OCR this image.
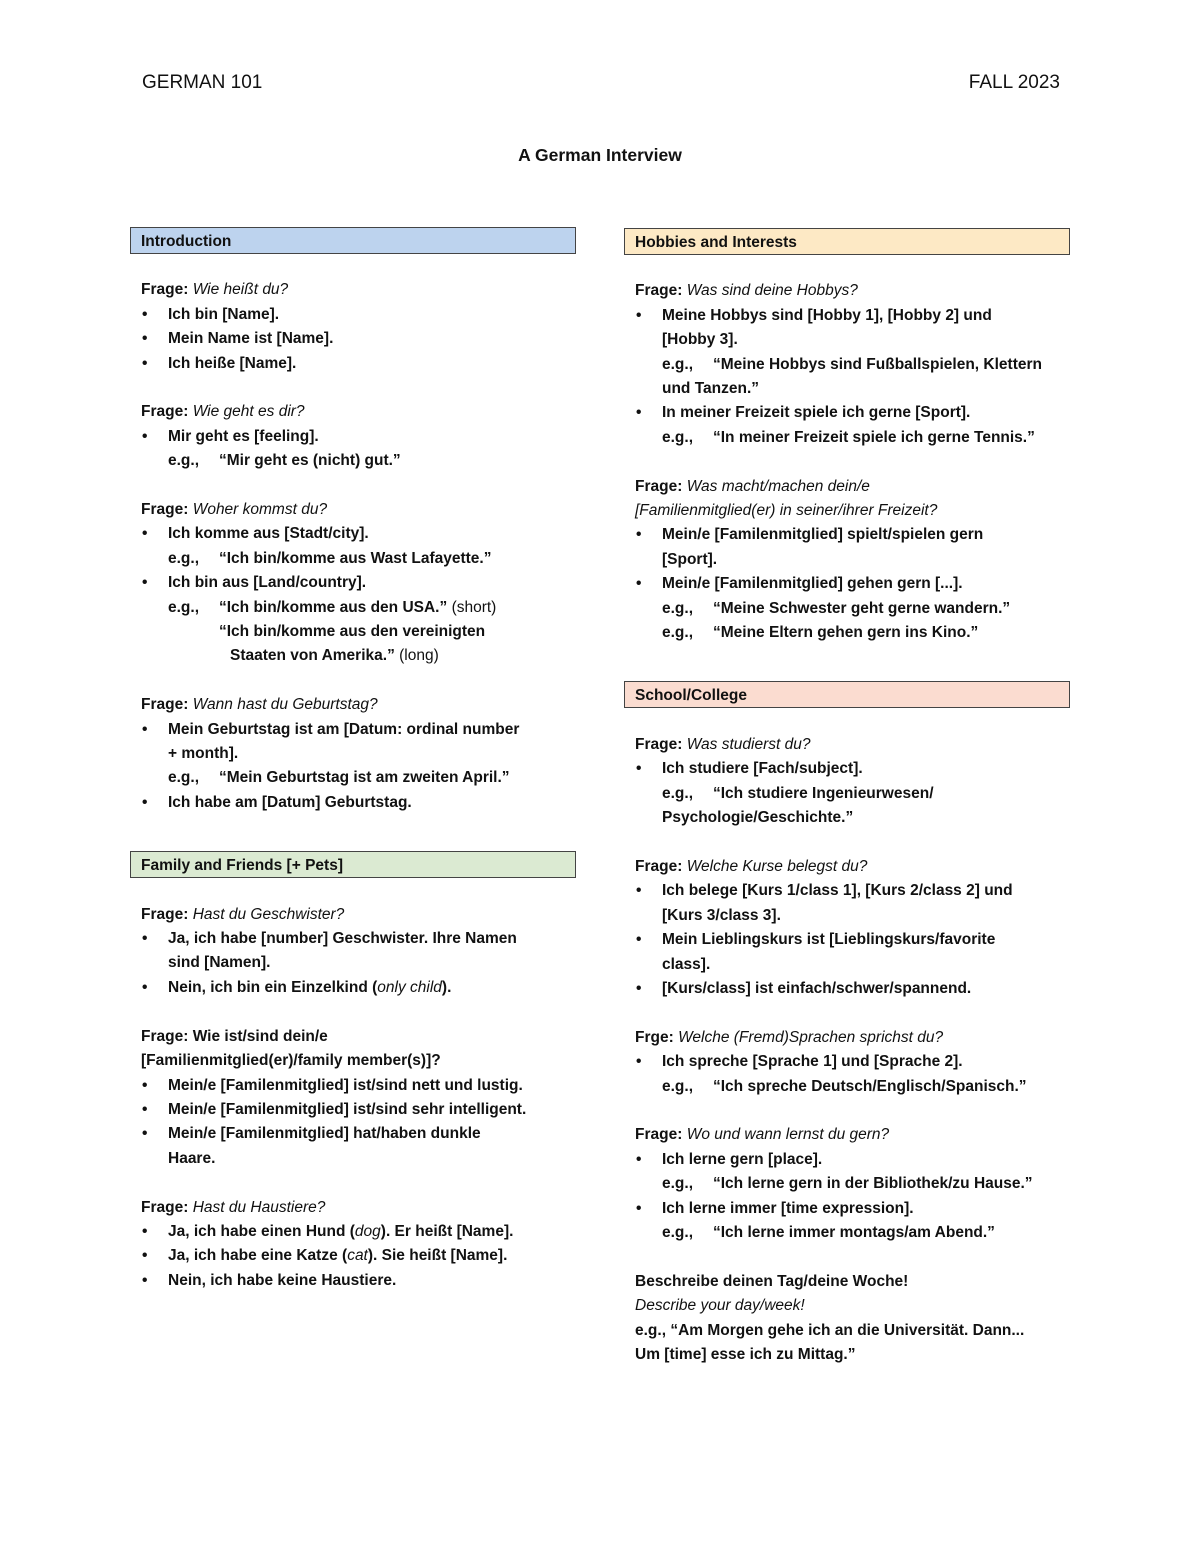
GERMAN 101	FALL 2023
A German Interview
Introduction
Frage: Wie heißt du?
• Ich bin [Name].
• Mein Name ist [Name].
• Ich heiße [Name].
Frage: Wie geht es dir?
• Mir geht es [feeling].
e.g., “Mir geht es (nicht) gut.”
Frage: Woher kommst du?
• Ich komme aus [Stadt/city].
e.g., “Ich bin/komme aus Wast Lafayette.”
• Ich bin aus [Land/country].
e.g., “Ich bin/komme aus den USA.” (short)
“Ich bin/komme aus den vereinigten
Staaten von Amerika.” (long)
Frage: Wann hast du Geburtstag?
• Mein Geburtstag ist am [Datum: ordinal number
+ month].
e.g., “Mein Geburtstag ist am zweiten April.”
• Ich habe am [Datum] Geburtstag.
Family and Friends [+ Pets]
Frage: Hast du Geschwister?
• Ja, ich habe [number] Geschwister. Ihre Namen
sind [Namen].
• Nein, ich bin ein Einzelkind (only child).
Frage: Wie ist/sind dein/e
[Familienmitglied(er)/family member(s)]?
• Mein/e [Familenmitglied] ist/sind nett und lustig.
• Mein/e [Familenmitglied] ist/sind sehr intelligent.
• Mein/e [Familenmitglied] hat/haben dunkle
Haare.
Frage: Hast du Haustiere?
• Ja, ich habe einen Hund (dog). Er heißt [Name].
• Ja, ich habe eine Katze (cat). Sie heißt [Name].
• Nein, ich habe keine Haustiere.
Hobbies and Interests
Frage: Was sind deine Hobbys?
• Meine Hobbys sind [Hobby 1], [Hobby 2] und
[Hobby 3].
e.g., “Meine Hobbys sind Fußballspielen, Klettern
und Tanzen.”
• In meiner Freizeit spiele ich gerne [Sport].
e.g., “In meiner Freizeit spiele ich gerne Tennis.”
Frage: Was macht/machen dein/e
[Familienmitglied(er) in seiner/ihrer Freizeit?
• Mein/e [Familenmitglied] spielt/spielen gern
[Sport].
• Mein/e [Familenmitglied] gehen gern [...].
e.g., “Meine Schwester geht gerne wandern.”
e.g., “Meine Eltern gehen gern ins Kino.”
School/College
Frage: Was studierst du?
• Ich studiere [Fach/subject].
e.g., “Ich studiere Ingenieurwesen/
Psychologie/Geschichte.”
Frage: Welche Kurse belegst du?
• Ich belege [Kurs 1/class 1], [Kurs 2/class 2] und
[Kurs 3/class 3].
• Mein Lieblingskurs ist [Lieblingskurs/favorite
class].
• [Kurs/class] ist einfach/schwer/spannend.
Frge: Welche (Fremd)Sprachen sprichst du?
• Ich spreche [Sprache 1] und [Sprache 2].
e.g., “Ich spreche Deutsch/Englisch/Spanisch.”
Frage: Wo und wann lernst du gern?
• Ich lerne gern [place].
e.g., “Ich lerne gern in der Bibliothek/zu Hause.”
• Ich lerne immer [time expression].
e.g., “Ich lerne immer montags/am Abend.”
Beschreibe deinen Tag/deine Woche!
Describe your day/week!
e.g., “Am Morgen gehe ich an die Universität. Dann...
Um [time] esse ich zu Mittag.”
